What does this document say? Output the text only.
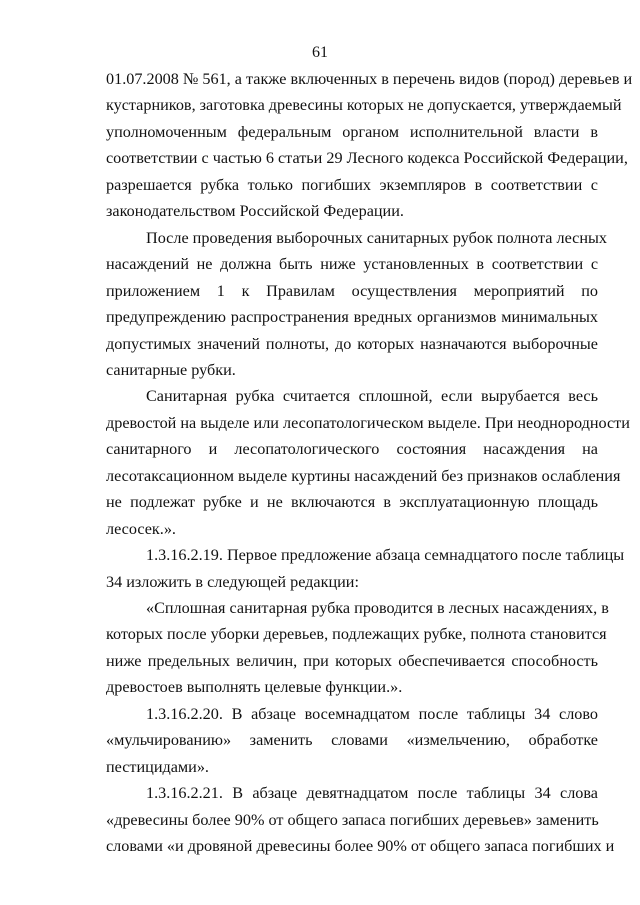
61
01.07.2008 № 561, а также включенных в перечень видов (пород) деревьев и
кустарников, заготовка древесины которых не допускается, утверждаемый
уполномоченным федеральным органом исполнительной власти в
соответствии с частью 6 статьи 29 Лесного кодекса Российской Федерации,
разрешается рубка только погибших экземпляров в соответствии с
законодательством Российской Федерации.
После проведения выборочных санитарных рубок полнота лесных
насаждений не должна быть ниже установленных в соответствии с
приложением 1 к Правилам осуществления мероприятий по
предупреждению распространения вредных организмов минимальных
допустимых значений полноты, до которых назначаются выборочные
санитарные рубки.
Санитарная рубка считается сплошной, если вырубается весь
древостой на выделе или лесопатологическом выделе. При неоднородности
санитарного и лесопатологического состояния насаждения на
лесотаксационном выделе куртины насаждений без признаков ослабления
не подлежат рубке и не включаются в эксплуатационную площадь
лесосек.».
1.3.16.2.19. Первое предложение абзаца семнадцатого после таблицы
34 изложить в следующей редакции:
«Сплошная санитарная рубка проводится в лесных насаждениях, в
которых после уборки деревьев, подлежащих рубке, полнота становится
ниже предельных величин, при которых обеспечивается способность
древостоев выполнять целевые функции.».
1.3.16.2.20. В абзаце восемнадцатом после таблицы 34 слово
«мульчированию» заменить словами «измельчению, обработке
пестицидами».
1.3.16.2.21. В абзаце девятнадцатом после таблицы 34 слова
«древесины более 90% от общего запаса погибших деревьев» заменить
словами «и дровяной древесины более 90% от общего запаса погибших и
